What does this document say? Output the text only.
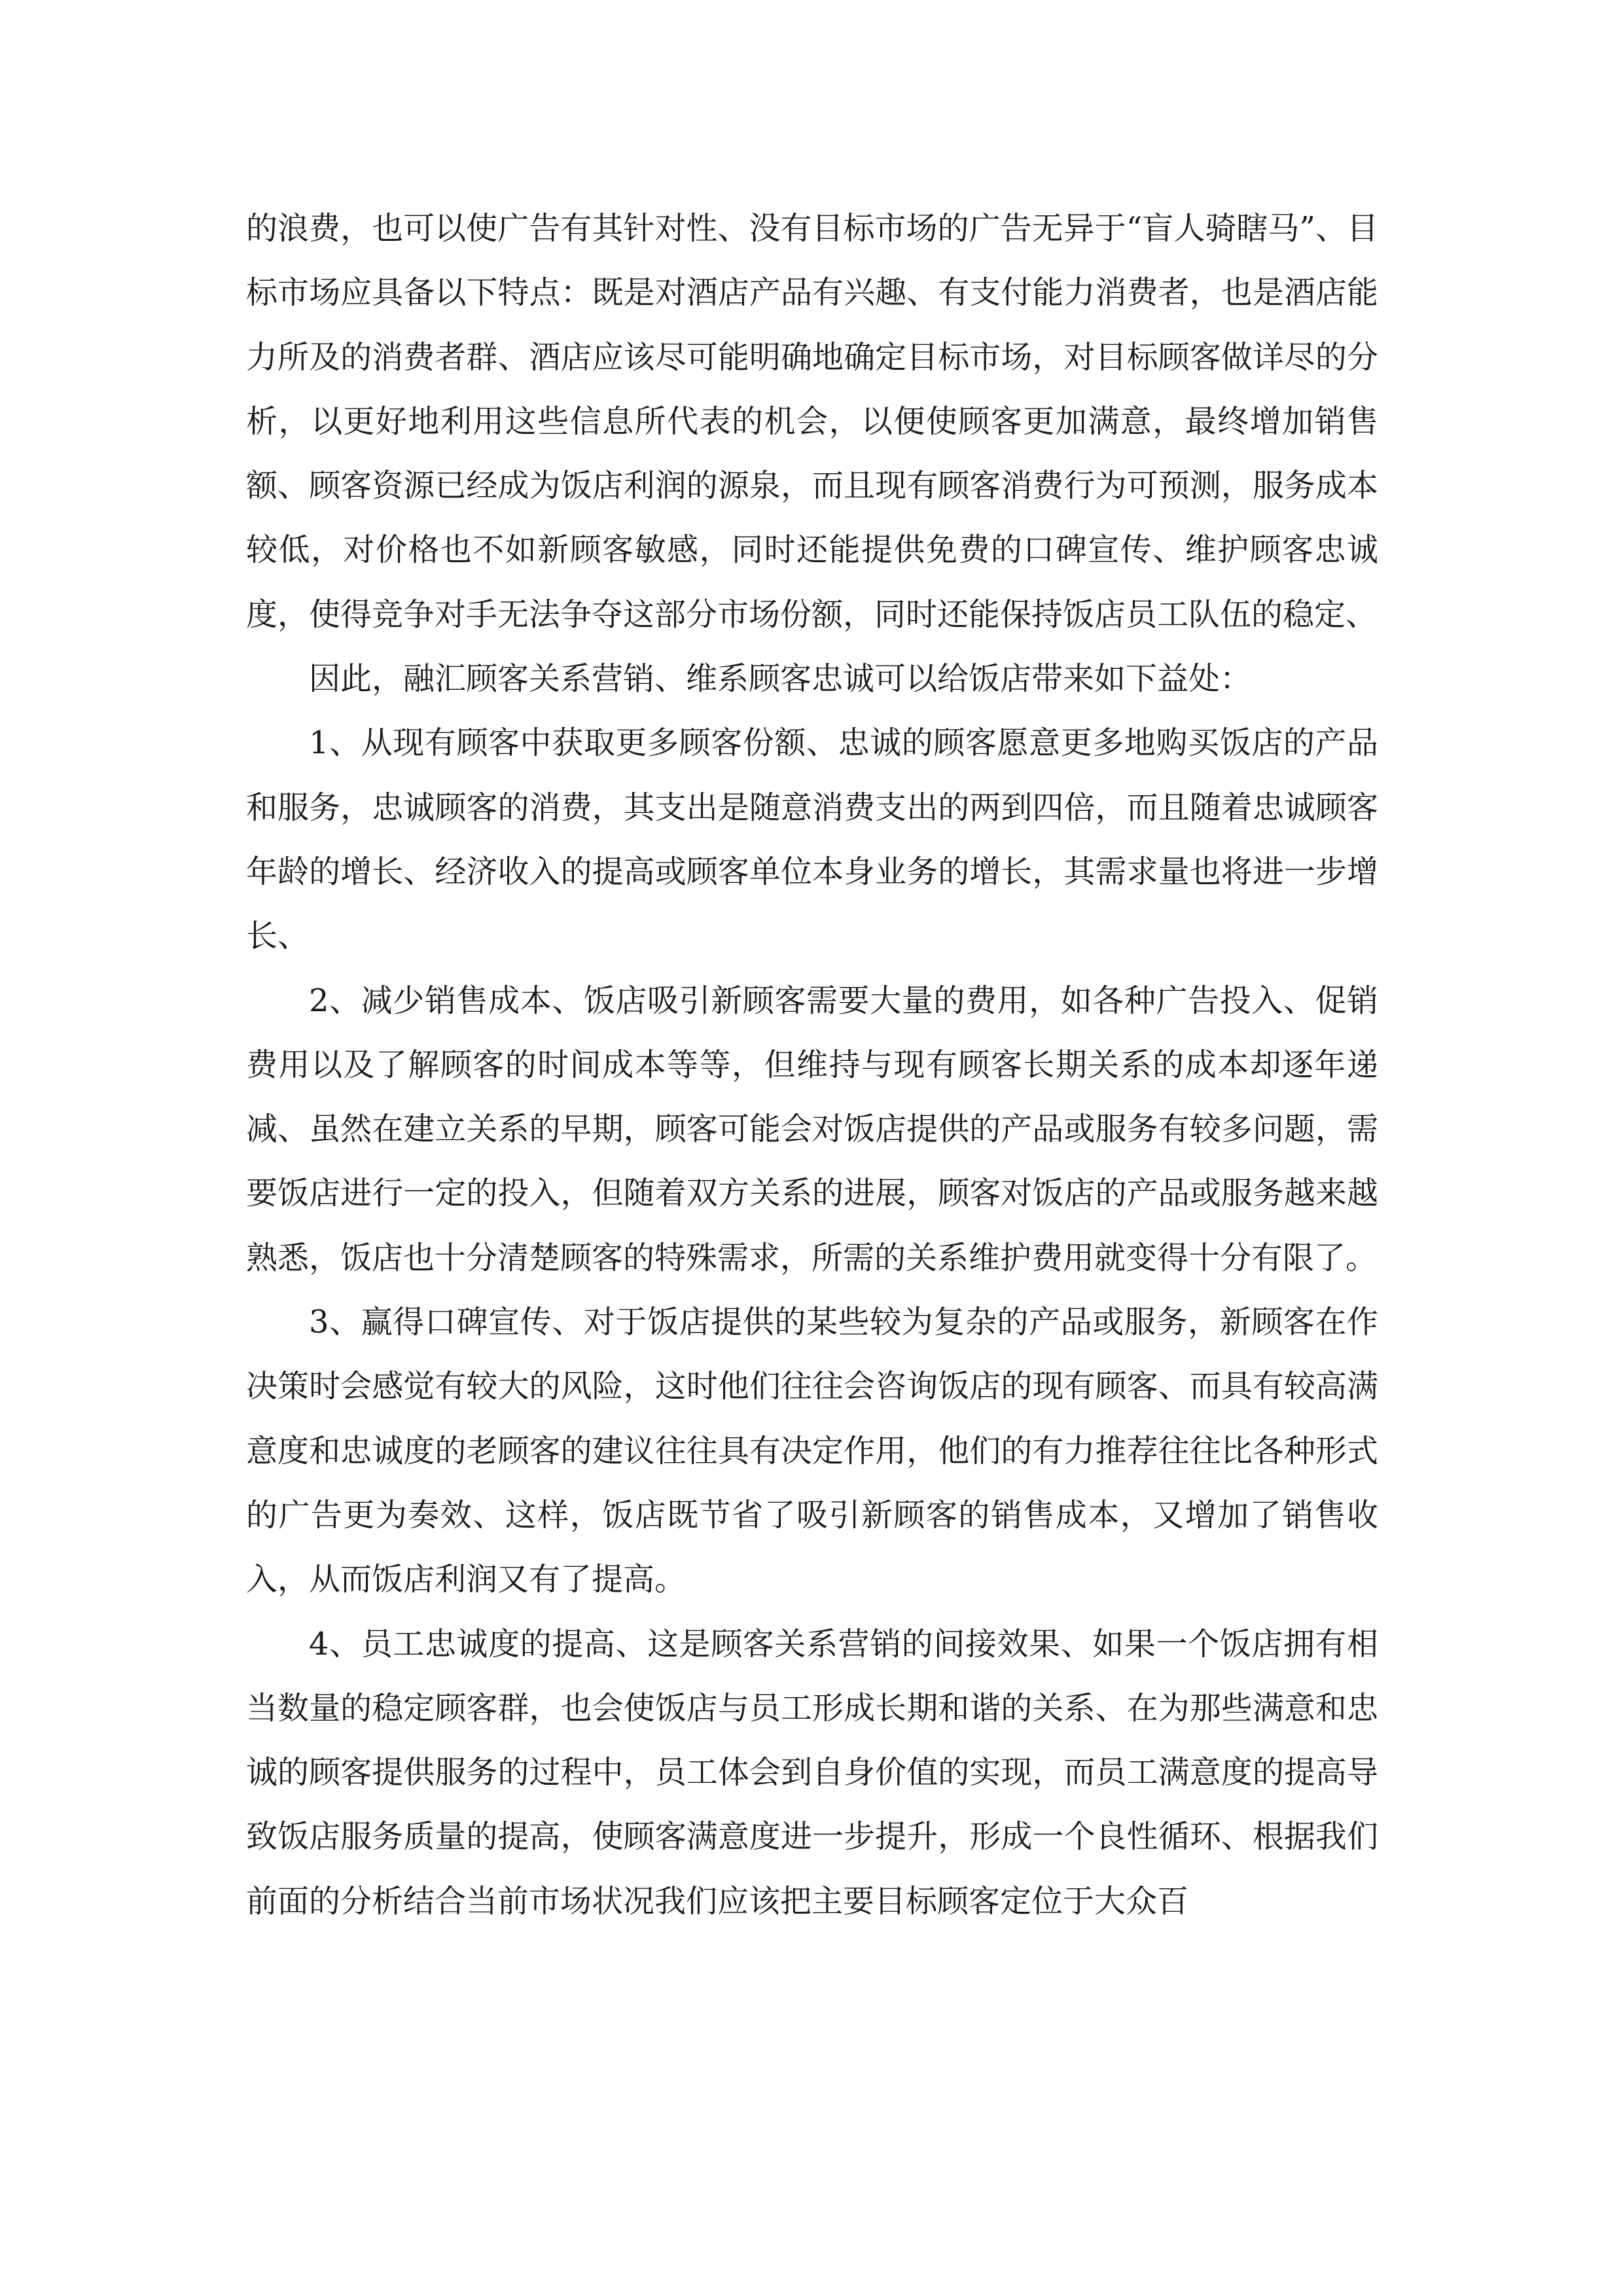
的浪费，也可以使广告有其针对性、没有目标市场的广告无异于“盲人骑瞎马”、目标市场应具备以下特点：既是对酒店产品有兴趣、有支付能力消费者，也是酒店能力所及的消费者群、酒店应该尽可能明确地确定目标市场，对目标顾客做详尽的分析，以更好地利用这些信息所代表的机会，以便使顾客更加满意，最终增加销售额、顾客资源已经成为饭店利润的源泉，而且现有顾客消费行为可预测，服务成本较低，对价格也不如新顾客敏感，同时还能提供免费的口碑宣传、维护顾客忠诚度，使得竞争对手无法争夺这部分市场份额，同时还能保持饭店员工队伍的稳定、

因此，融汇顾客关系营销、维系顾客忠诚可以给饭店带来如下益处：

1、从现有顾客中获取更多顾客份额、忠诚的顾客愿意更多地购买饭店的产品和服务，忠诚顾客的消费，其支出是随意消费支出的两到四倍，而且随着忠诚顾客年龄的增长、经济收入的提高或顾客单位本身业务的增长，其需求量也将进一步增长、

2、减少销售成本、饭店吸引新顾客需要大量的费用，如各种广告投入、促销费用以及了解顾客的时间成本等等，但维持与现有顾客长期关系的成本却逐年递减、虽然在建立关系的早期，顾客可能会对饭店提供的产品或服务有较多问题，需要饭店进行一定的投入，但随着双方关系的进展，顾客对饭店的产品或服务越来越熟悉，饭店也十分清楚顾客的特殊需求，所需的关系维护费用就变得十分有限了。

3、赢得口碑宣传、对于饭店提供的某些较为复杂的产品或服务，新顾客在作决策时会感觉有较大的风险，这时他们往往会咨询饭店的现有顾客、而具有较高满意度和忠诚度的老顾客的建议往往具有决定作用，他们的有力推荐往往比各种形式的广告更为奏效、这样，饭店既节省了吸引新顾客的销售成本，又增加了销售收入，从而饭店利润又有了提高。

4、员工忠诚度的提高、这是顾客关系营销的间接效果、如果一个饭店拥有相当数量的稳定顾客群，也会使饭店与员工形成长期和谐的关系、在为那些满意和忠诚的顾客提供服务的过程中，员工体会到自身价值的实现，而员工满意度的提高导致饭店服务质量的提高，使顾客满意度进一步提升，形成一个良性循环、根据我们前面的分析结合当前市场状况我们应该把主要目标顾客定位于大众百
